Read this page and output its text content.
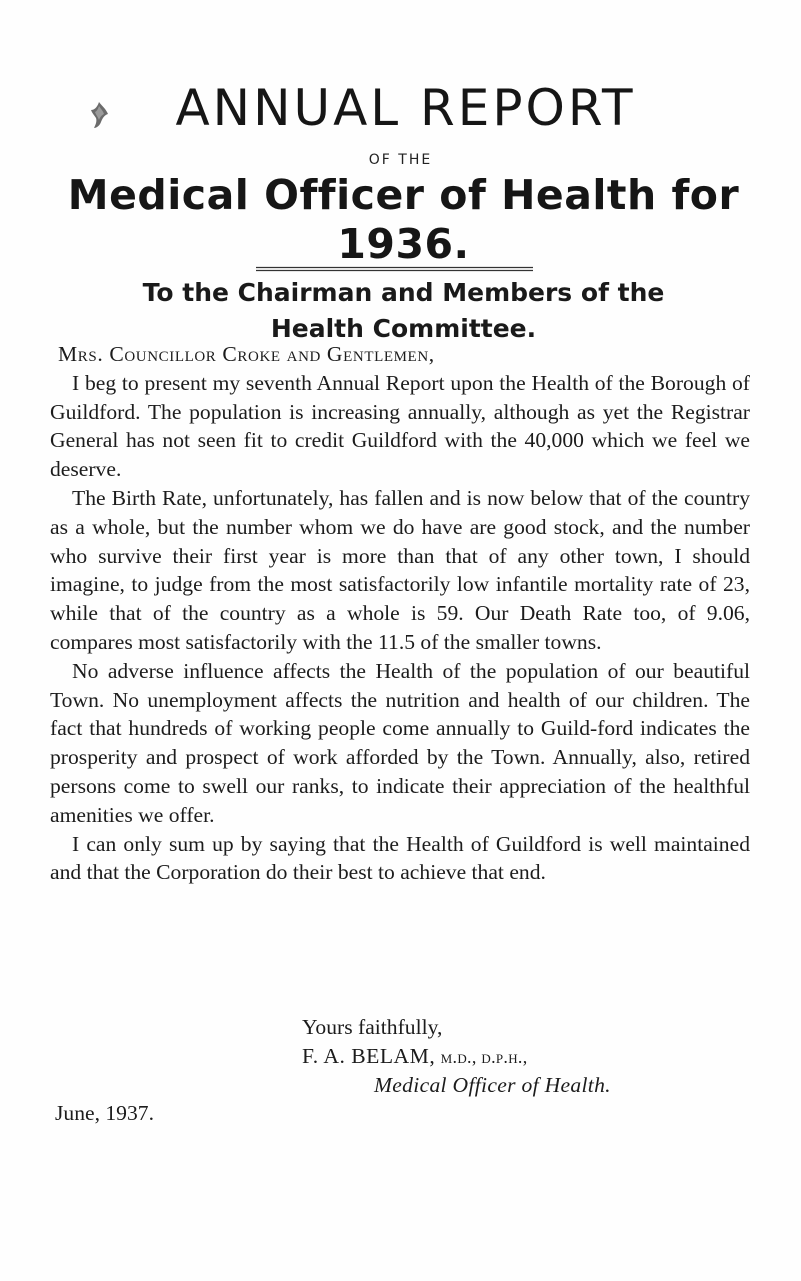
ANNUAL REPORT
OF THE
Medical Officer of Health for 1936.
To the Chairman and Members of the
Health Committee.

Mrs. Councillor Croke and Gentlemen,

I beg to present my seventh Annual Report upon the Health of the Borough of Guildford. The population is increasing annually, although as yet the Registrar General has not seen fit to credit Guildford with the 40,000 which we feel we deserve.

The Birth Rate, unfortunately, has fallen and is now below that of the country as a whole, but the number whom we do have are good stock, and the number who survive their first year is more than that of any other town, I should imagine, to judge from the most satisfactorily low infantile mortality rate of 23, while that of the country as a whole is 59. Our Death Rate too, of 9.06, compares most satisfactorily with the 11.5 of the smaller towns.

No adverse influence affects the Health of the population of our beautiful Town. No unemployment affects the nutrition and health of our children. The fact that hundreds of working people come annually to Guild-ford indicates the prosperity and prospect of work afforded by the Town. Annually, also, retired persons come to swell our ranks, to indicate their appreciation of the healthful amenities we offer.

I can only sum up by saying that the Health of Guildford is well maintained and that the Corporation do their best to achieve that end.

Yours faithfully,
F. A. BELAM, m.d., d.p.h.,
Medical Officer of Health.

June, 1937.
